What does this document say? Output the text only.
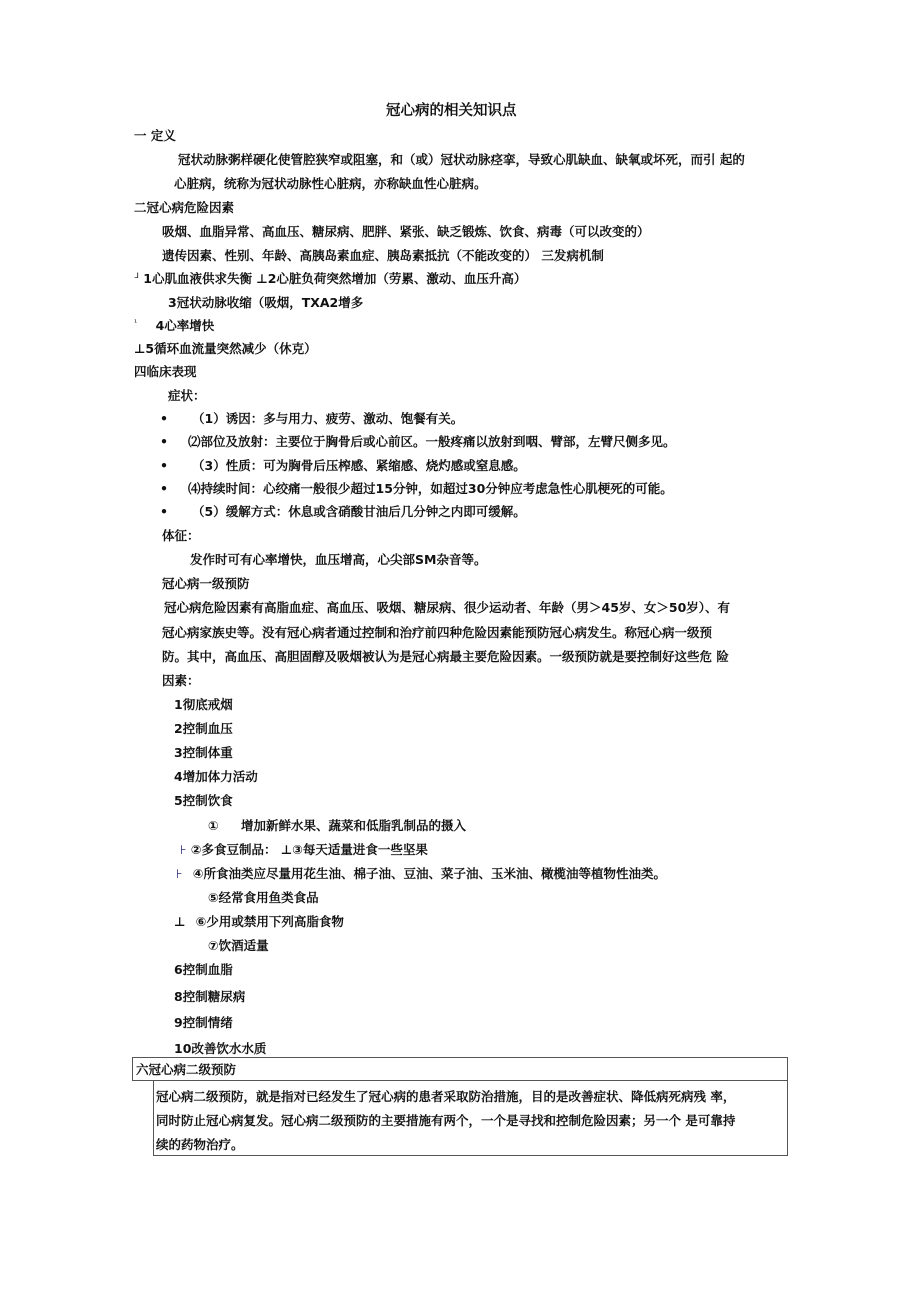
冠心病的相关知识点
一 定义
冠状动脉粥样硬化使管腔狭窄或阻塞，和（或）冠状动脉痉挛，导致心肌缺血、缺氧或坏死，而引 起的
心脏病，统称为冠状动脉性心脏病，亦称缺血性心脏病。
二冠心病危险因素
吸烟、血脂异常、高血压、糖尿病、肥胖、紧张、缺乏锻炼、饮食、病毒（可以改变的）
遗传因素、性别、年龄、高胰岛素血症、胰岛素抵抗（不能改变的） 三发病机制
$^ᒧ$ 1心肌血液供求失衡 ⊥2心脏负荷突然增加（劳累、激动、血压升高）
3冠状动脉收缩（吸烟，TXA2增多
$^{^1}$ 4心率增快
⊥5循环血流量突然减少（休克）
四临床表现
症状：
• （1）诱因：多与用力、疲劳、激动、饱餐有关。
• ⑵部位及放射：主要位于胸骨后或心前区。一般疼痛以放射到咽、臂部，左臂尺侧多见。
• （3）性质：可为胸骨后压榨感、紧缩感、烧灼感或窒息感。
• ⑷持续时间：心绞痛一般很少超过15分钟，如超过30分钟应考虑急性心肌梗死的可能。
• （5）缓解方式：休息或含硝酸甘油后几分钟之内即可缓解。
体征：
发作时可有心率增快，血压增高，心尖部SM杂音等。
冠心病一级预防
冠心病危险因素有高脂血症、高血压、吸烟、糖尿病、很少运动者、年龄（男＞45岁、女＞50岁）、有
冠心病家族史等。没有冠心病者通过控制和治疗前四种危险因素能预防冠心病发生。称冠心病一级预
防。其中，高血压、高胆固醇及吸烟被认为是冠心病最主要危险因素。一级预防就是要控制好这些危 险
因素：
1彻底戒烟
2控制血压
3控制体重
4增加体力活动
5控制饮食
① 增加新鲜水果、蔬菜和低脂乳制品的摄入
⊦ ②多食豆制品： ⊥③每天适量进食一些坚果
⊦ ④所食油类应尽量用花生油、棉子油、豆油、菜子油、玉米油、橄榄油等植物性油类。
⑤经常食用鱼类食品
⊥ ⑥少用或禁用下列高脂食物
⑦饮酒适量
6控制血脂
8控制糖尿病
9控制情绪
10改善饮水水质
六冠心病二级预防
冠心病二级预防，就是指对已经发生了冠心病的患者采取防治措施，目的是改善症状、降低病死病残 率，
同时防止冠心病复发。冠心病二级预防的主要措施有两个，一个是寻找和控制危险因素；另一个 是可靠持
续的药物治疗。
